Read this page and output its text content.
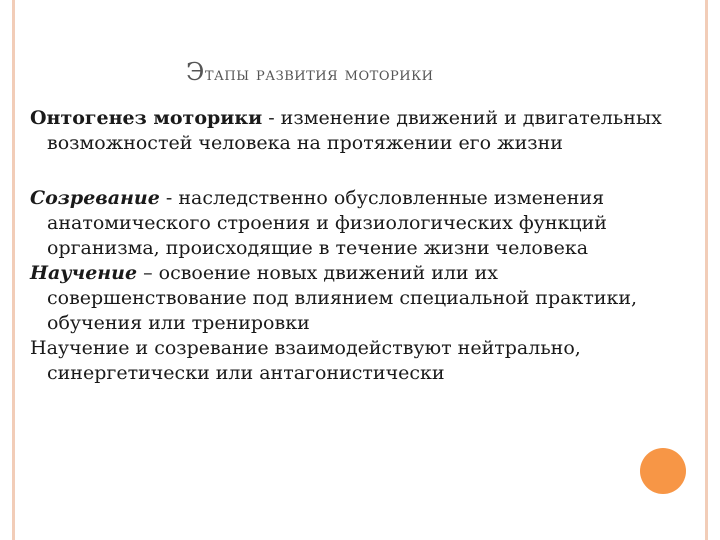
Этапы развития моторики
Онтогенез моторики - изменение движений и двигательных возможностей человека на протяжении его жизни
Созревание - наследственно обусловленные изменения анатомического строения и физиологических функций организма, происходящие в течение жизни человека
Научение – освоение новых движений или их совершенствование под влиянием специальной практики, обучения или тренировки
Научение и созревание взаимодействуют нейтрально, синергетически или антагонистически
